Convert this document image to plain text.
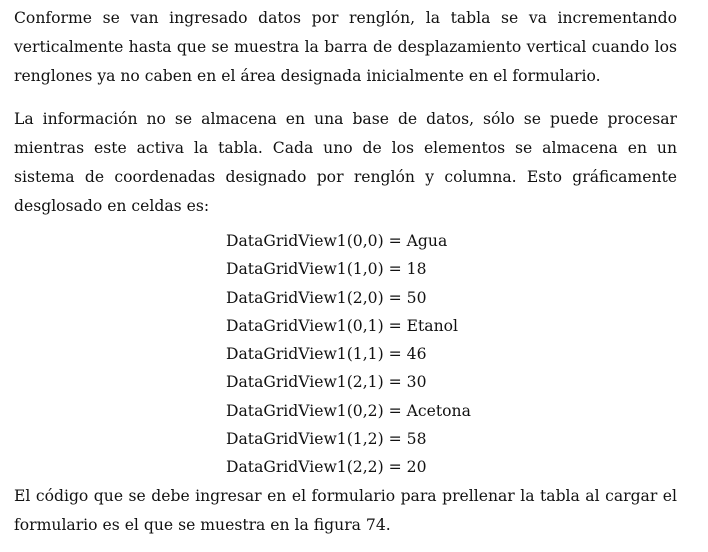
Conforme se van ingresado datos por renglón, la tabla se va incrementando verticalmente hasta que se muestra la barra de desplazamiento vertical cuando los renglones ya no caben en el área designada inicialmente en el formulario.

La información no se almacena en una base de datos, sólo se puede procesar mientras este activa la tabla. Cada uno de los elementos se almacena en un sistema de coordenadas designado por renglón y columna. Esto gráficamente desglosado en celdas es:

DataGridView1(0,0) = Agua
DataGridView1(1,0) = 18
DataGridView1(2,0) = 50
DataGridView1(0,1) = Etanol
DataGridView1(1,1) = 46
DataGridView1(2,1) = 30
DataGridView1(0,2) = Acetona
DataGridView1(1,2) = 58
DataGridView1(2,2) = 20

El código que se debe ingresar en el formulario para prellenar la tabla al cargar el formulario es el que se muestra en la figura 74.
